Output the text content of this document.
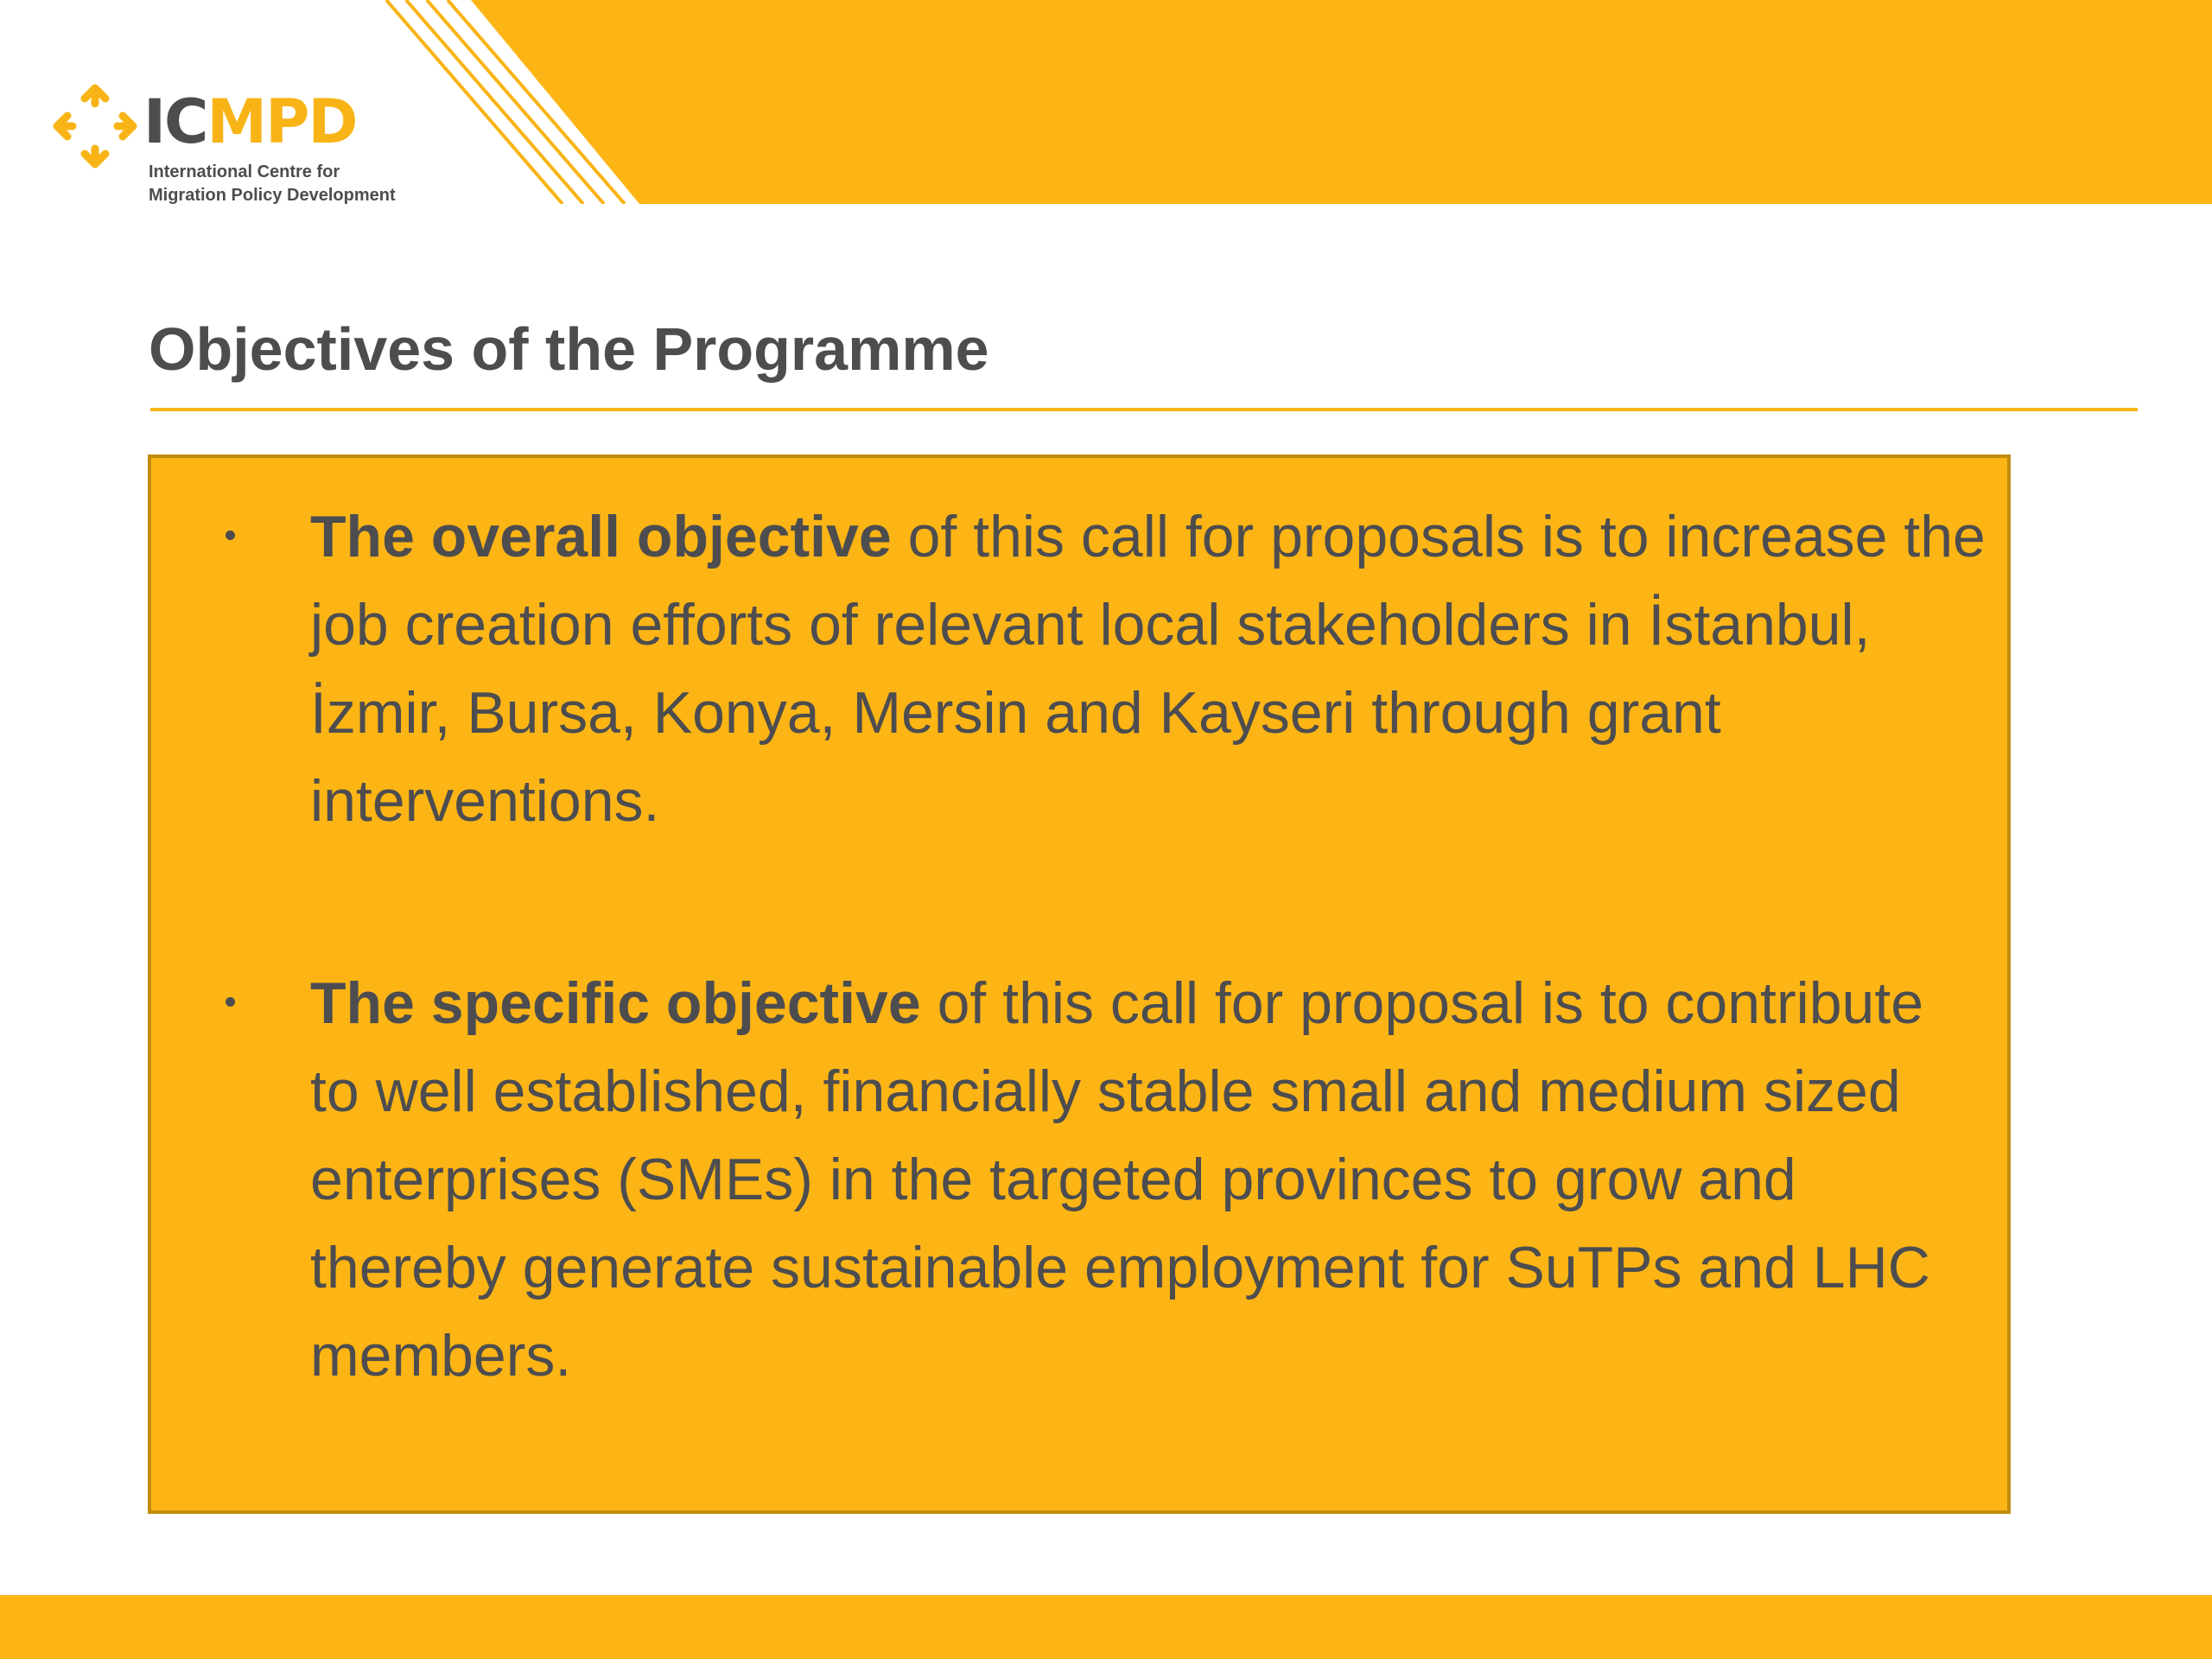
ICMPD
International Centre for
Migration Policy Development
Objectives of the Programme

The overall objective of this call for proposals is to increase the job creation efforts of relevant local stakeholders in İstanbul, İzmir, Bursa, Konya, Mersin and Kayseri through grant interventions.

The specific objective of this call for proposal is to contribute to well established, financially stable small and medium sized enterprises (SMEs) in the targeted provinces to grow and thereby generate sustainable employment for SuTPs and LHC members.
